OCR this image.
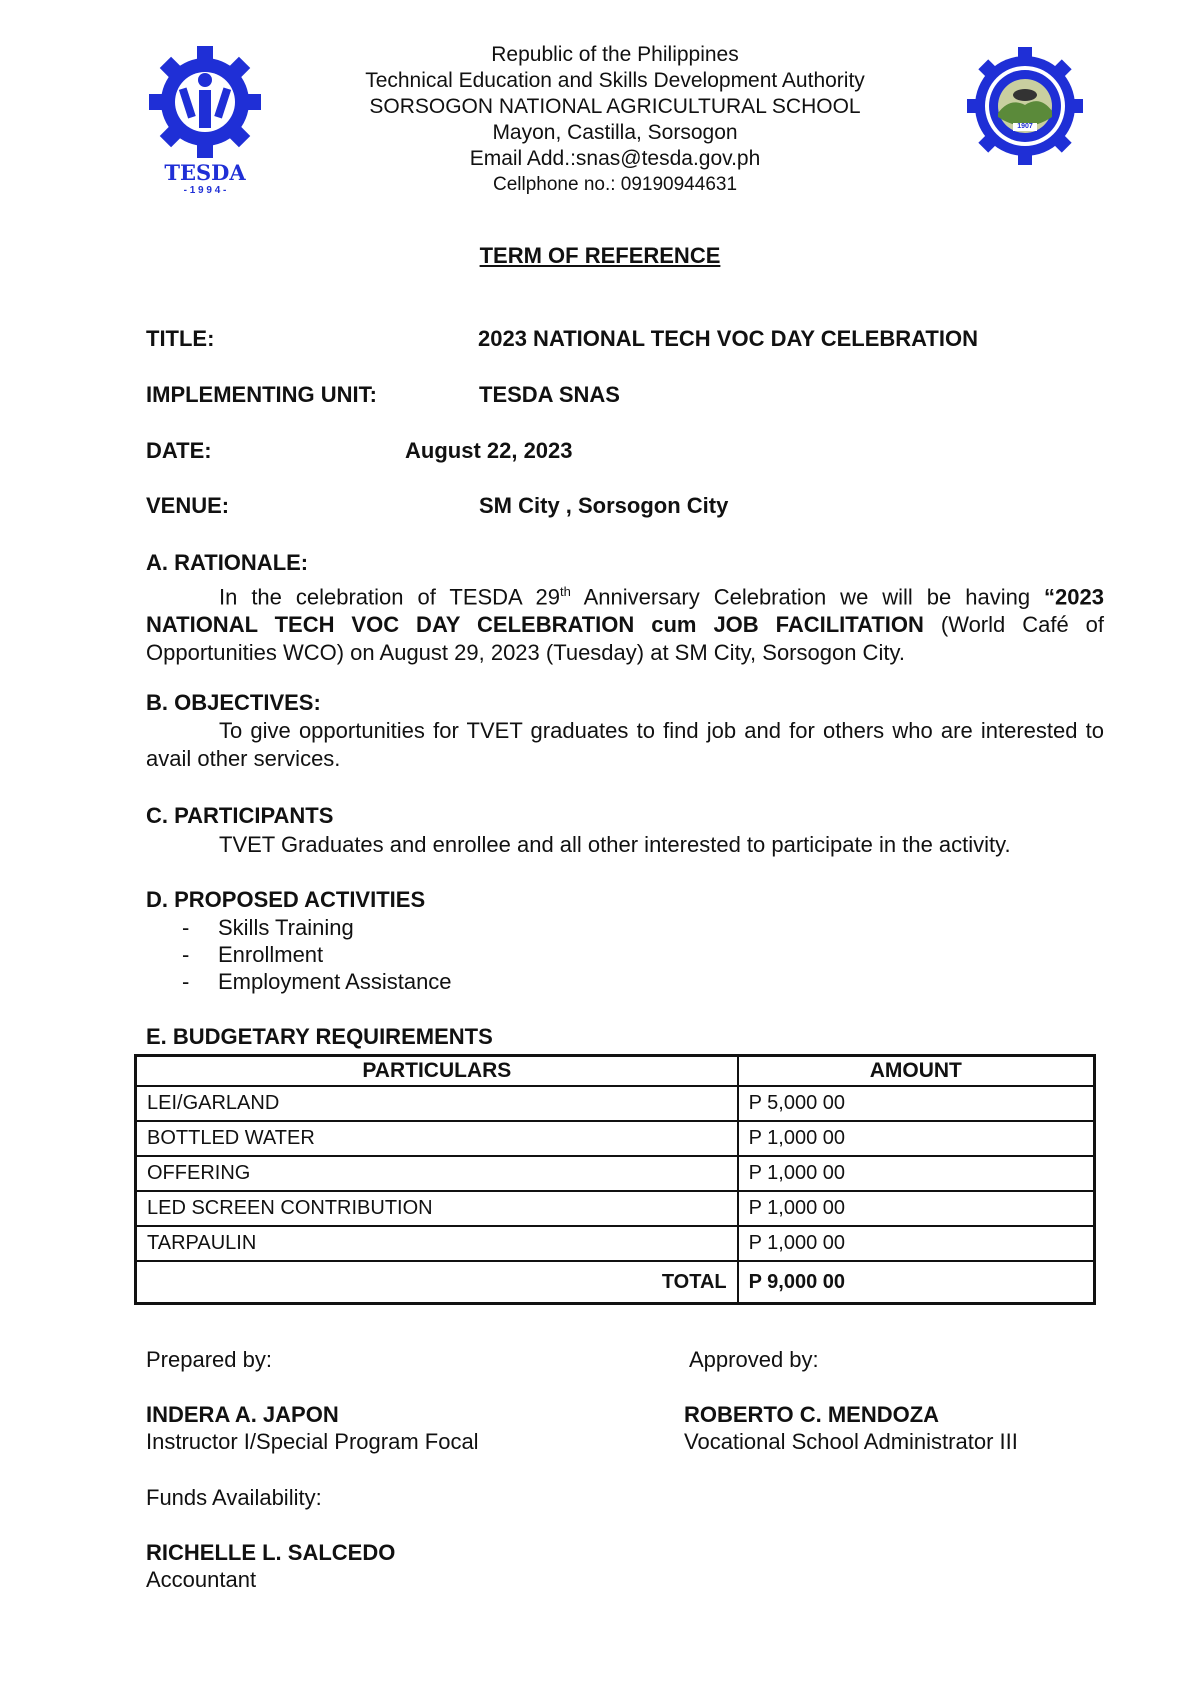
TESDA
- 1 9 9 4 -
Republic of the Philippines
Technical Education and Skills Development Authority
SORSOGON NATIONAL AGRICULTURAL SCHOOL
Mayon, Castilla, Sorsogon
Email Add.:snas@tesda.gov.ph
Cellphone no.: 09190944631
1907
TERM OF REFERENCE
TITLE:	2023 NATIONAL TECH VOC DAY CELEBRATION
IMPLEMENTING UNIT:	TESDA SNAS
DATE:	August 22, 2023
VENUE:	SM City , Sorsogon City
A. RATIONALE:
In the celebration of TESDA 29th Anniversary Celebration we will be having “2023 NATIONAL TECH VOC DAY CELEBRATION cum JOB FACILITATION (World Café of Opportunities WCO) on August 29, 2023 (Tuesday) at SM City, Sorsogon City.
B. OBJECTIVES:
To give opportunities for TVET graduates to find job and for others who are interested to avail other services.
C. PARTICIPANTS
TVET Graduates and enrollee and all other interested to participate in the activity.
D. PROPOSED ACTIVITIES
- Skills Training
- Enrollment
- Employment Assistance
E. BUDGETARY REQUIREMENTS
PARTICULARS	AMOUNT
LEI/GARLAND	P 5,000 00
BOTTLED WATER	P 1,000 00
OFFERING	P 1,000 00
LED SCREEN CONTRIBUTION	P 1,000 00
TARPAULIN	P 1,000 00
TOTAL	P 9,000 00
Prepared by:	Approved by:
INDERA A. JAPON
Instructor I/Special Program Focal
ROBERTO C. MENDOZA
Vocational School Administrator III
Funds Availability:
RICHELLE L. SALCEDO
Accountant
